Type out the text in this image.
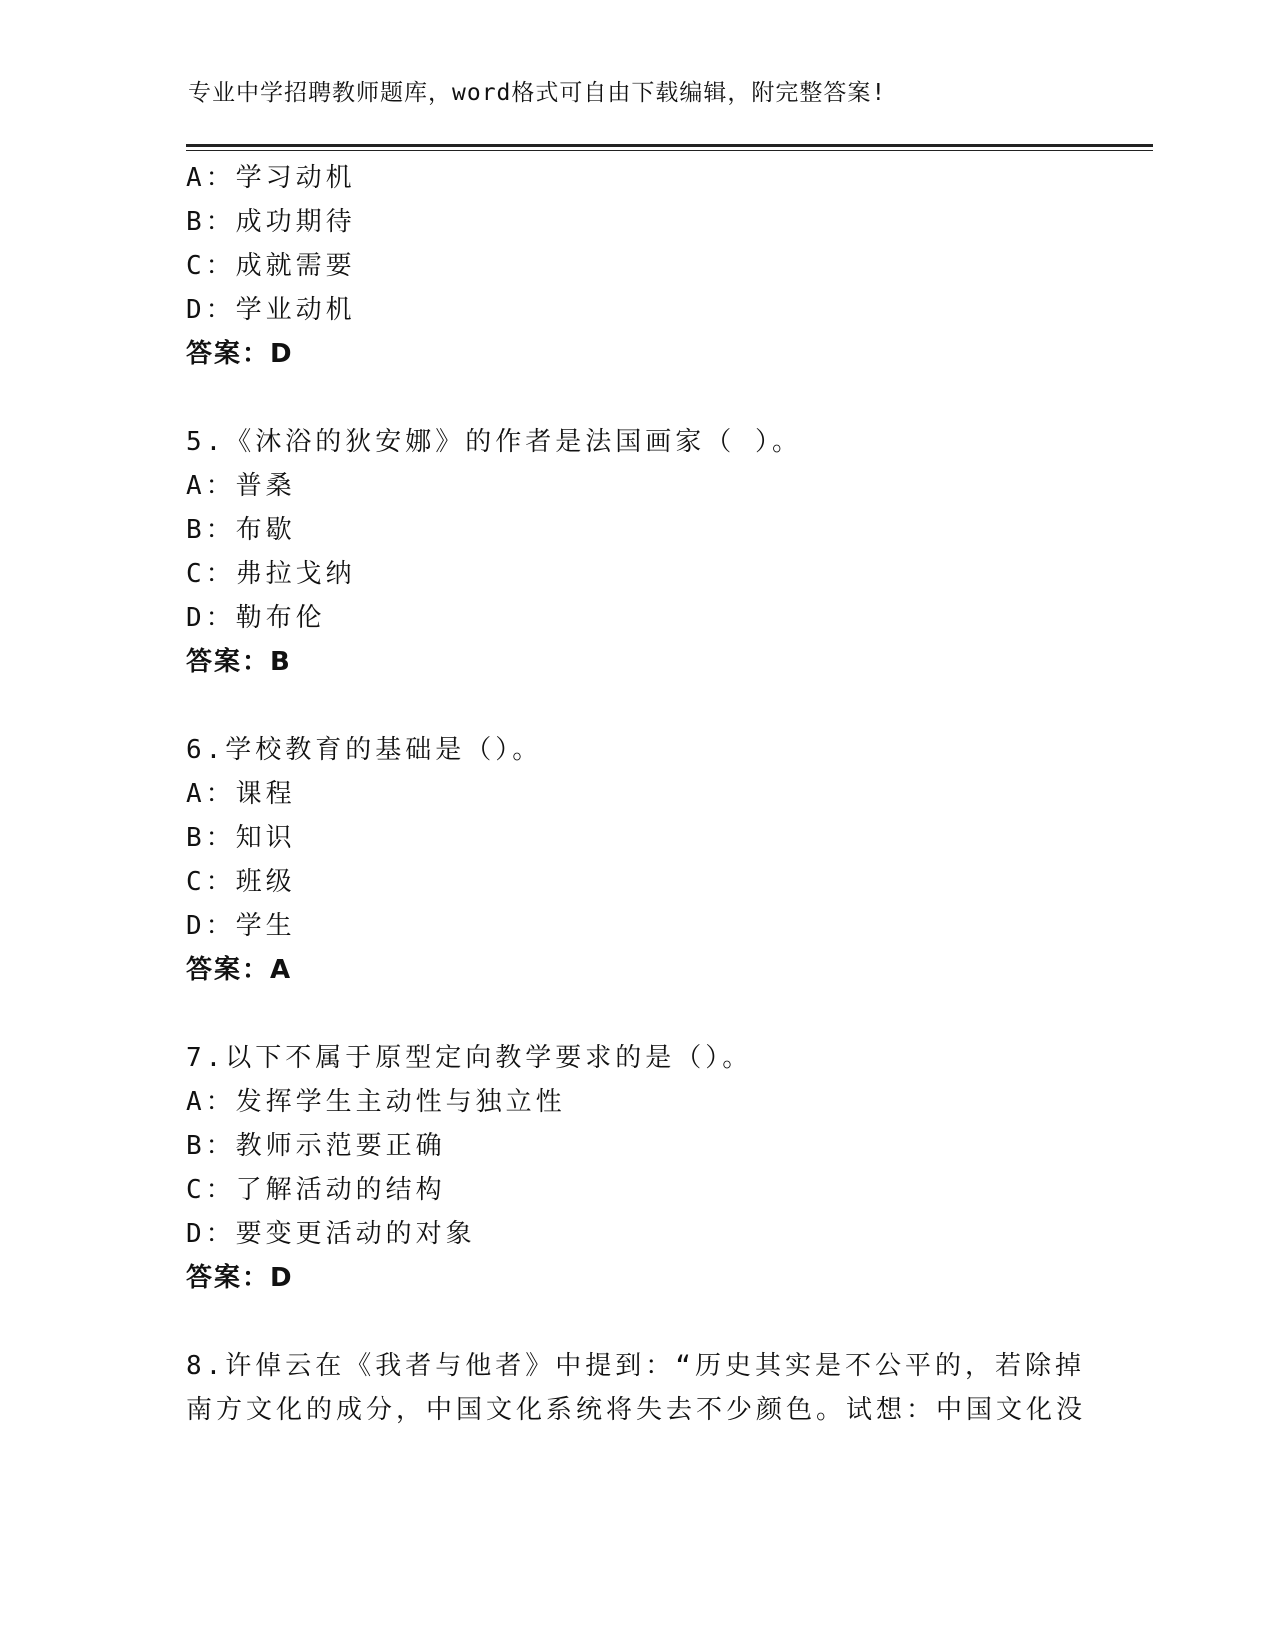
专业中学招聘教师题库，word格式可自由下载编辑，附完整答案!
A：学习动机
B：成功期待
C：成就需要
D：学业动机
答案：D
5.《沐浴的狄安娜》的作者是法国画家（ ）。
A：普桑
B：布歇
C：弗拉戈纳
D：勒布伦
答案：B
6.学校教育的基础是（）。
A：课程
B：知识
C：班级
D：学生
答案：A
7.以下不属于原型定向教学要求的是（）。
A：发挥学生主动性与独立性
B：教师示范要正确
C：了解活动的结构
D：要变更活动的对象
答案：D
8.许倬云在《我者与他者》中提到：“历史其实是不公平的，若除掉
南方文化的成分，中国文化系统将失去不少颜色。试想：中国文化没
